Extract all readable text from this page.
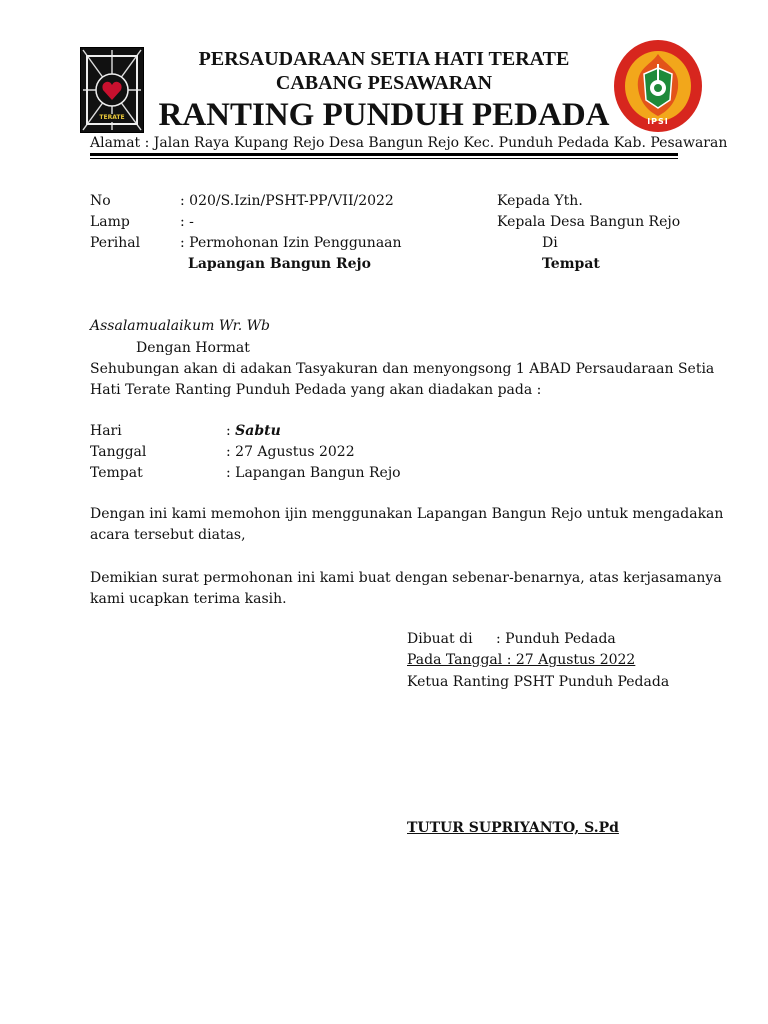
TERATE	IPSI
PERSAUDARAAN SETIA HATI TERATE
CABANG PESAWARAN
RANTING PUNDUH PEDADA
Alamat : Jalan Raya Kupang Rejo Desa Bangun Rejo Kec. Punduh Pedada Kab. Pesawaran
No	: 020/S.Izin/PSHT-PP/VII/2022
Lamp	: -
Perihal	: Permohonan Izin Penggunaan
Lapangan Bangun Rejo
Kepada Yth.
Kepala Desa Bangun Rejo
Di
Tempat
Assalamualaikum Wr. Wb
Dengan Hormat
Sehubungan akan di adakan Tasyakuran dan menyongsong 1 ABAD Persaudaraan Setia
Hati Terate Ranting Punduh Pedada yang akan diadakan pada :
Hari	: Sabtu
Tanggal	: 27 Agustus 2022
Tempat	: Lapangan Bangun Rejo
Dengan ini kami memohon ijin menggunakan Lapangan Bangun Rejo untuk mengadakan
acara tersebut diatas,
Demikian surat permohonan ini kami buat dengan sebenar-benarnya, atas kerjasamanya
kami ucapkan terima kasih.
Dibuat di : Punduh Pedada
Pada Tanggal : 27 Agustus 2022
Ketua Ranting PSHT Punduh Pedada
TUTUR SUPRIYANTO, S.Pd
